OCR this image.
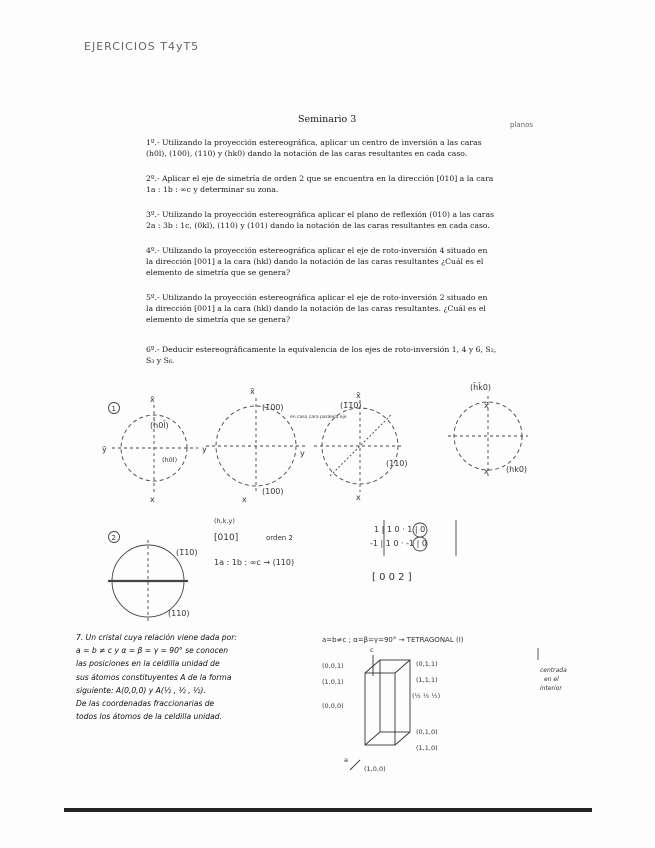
EJERCICIOS T4yT5
Seminario 3	planos
1º.- Utilizando la proyección estereográfica, aplicar un centro de inversión a las caras
(h0l), (100), (110) y (hk0) dando la notación de las caras resultantes en cada caso.
2º.- Aplicar el eje de simetría de orden 2 que se encuentra en la dirección [010] a la cara
1a : 1b : ∞c y determinar su zona.
3º.- Utilizando la proyección estereográfica aplicar el plano de reflexión (010) a las caras
2a : 3b : 1c, (0kl), (110) y (101) dando la notación de las caras resultantes en cada caso.
4º.- Utilizando la proyección estereográfica aplicar el eje de roto-inversión 4 situado en
la dirección [001] a la cara (hkl) dando la notación de las caras resultantes ¿Cuál es el
elemento de simetría que se genera?
5º.- Utilizando la proyección estereográfica aplicar el eje de roto-inversión 2 situado en
la dirección [001] a la cara (hkl) dando la notación de las caras resultantes. ¿Cuál es el
elemento de simetría que se genera?
6º.- Deducir estereográficamente la equivalencia de los ejes de roto-inversión 1, 4 y 6, S₂,
S₃ y S₆.
1
2
(h̄0l̄)
(h0l)
x̄
ȳ	y
x
(1̄00)
(100)
x̄
x
y
en caso cara paralela eje
(1̄1̄0)
(110)
x̄
x
(h̄k̄0)
(hk0)
x̄
x
(1̄10)
(110)
(h,k,y)
[010]	orden 2
1a : 1b : ∞c → (110)
1 | 1 0 · 1 | 0
-1 | 1 0 · -1 | 0
[ 0 0 2 ]
a=b≠c ; α=β=γ=90° → TETRAGONAL (I)
centrada
en el
interior
(0,0,1)
(1,0,1)
(0,0,0)
(0,1,1)
(1,1,1)
(½ ½ ½)
(0,1,0)
(1,1,0)
(1,0,0)
c
a
7. Un cristal cuya relación viene dada por:
a = b ≠ c y α = β = γ = 90° se conocen
las posiciones en la celdilla unidad de
sus átomos constituyentes A de la forma
siguiente: A(0,0,0) y A(½ , ½ , ½).
De las coordenadas fraccionarias de
todos los átomos de la celdilla unidad.
